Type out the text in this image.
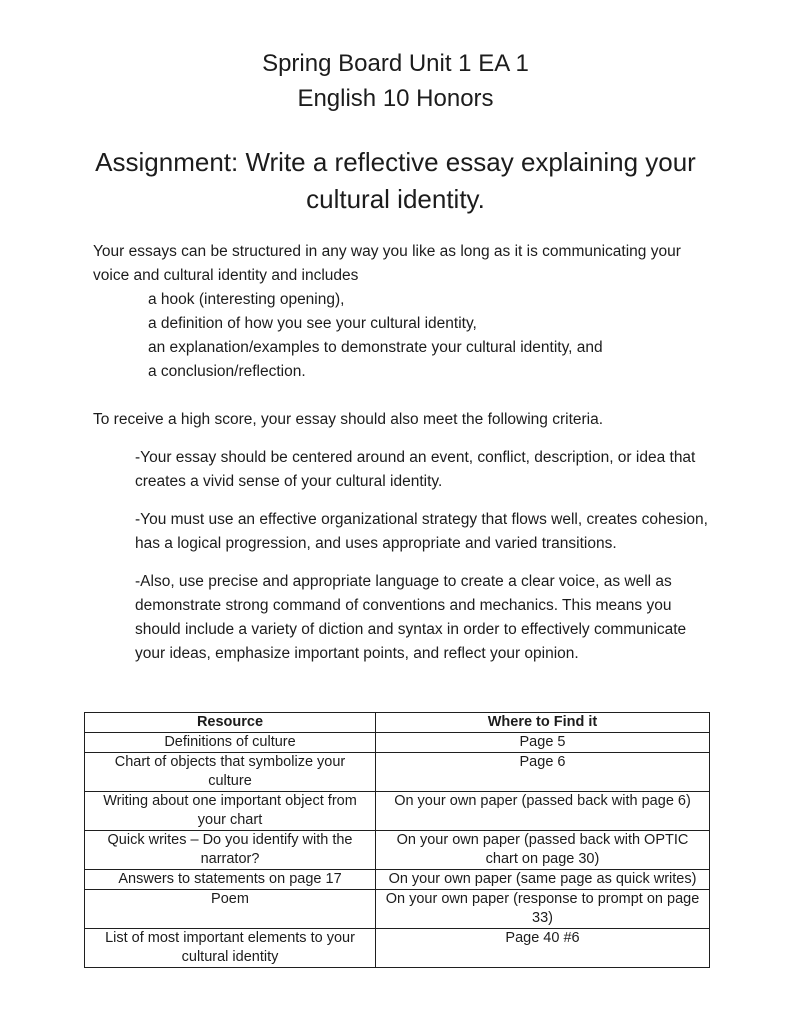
Spring Board Unit 1 EA 1
English 10 Honors
Assignment: Write a reflective essay explaining your cultural identity.
Your essays can be structured in any way you like as long as it is communicating your voice and cultural identity and includes
a hook (interesting opening),
a definition of how you see your cultural identity,
an explanation/examples to demonstrate your cultural identity, and
a conclusion/reflection.
To receive a high score, your essay should also meet the following criteria.
-Your essay should be centered around an event, conflict, description, or idea that creates a vivid sense of your cultural identity.
-You must use an effective organizational strategy that flows well, creates cohesion, has a logical progression, and uses appropriate and varied transitions.
-Also, use precise and appropriate language to create a clear voice, as well as demonstrate strong command of conventions and mechanics. This means you should include a variety of diction and syntax in order to effectively communicate your ideas, emphasize important points, and reflect your opinion.
Resource	Where to Find it
Definitions of culture	Page 5
Chart of objects that symbolize your culture	Page 6
Writing about one important object from your chart	On your own paper (passed back with page 6)
Quick writes – Do you identify with the narrator?	On your own paper (passed back with OPTIC chart on page 30)
Answers to statements on page 17	On your own paper (same page as quick writes)
Poem	On your own paper (response to prompt on page 33)
List of most important elements to your cultural identity	Page 40 #6
